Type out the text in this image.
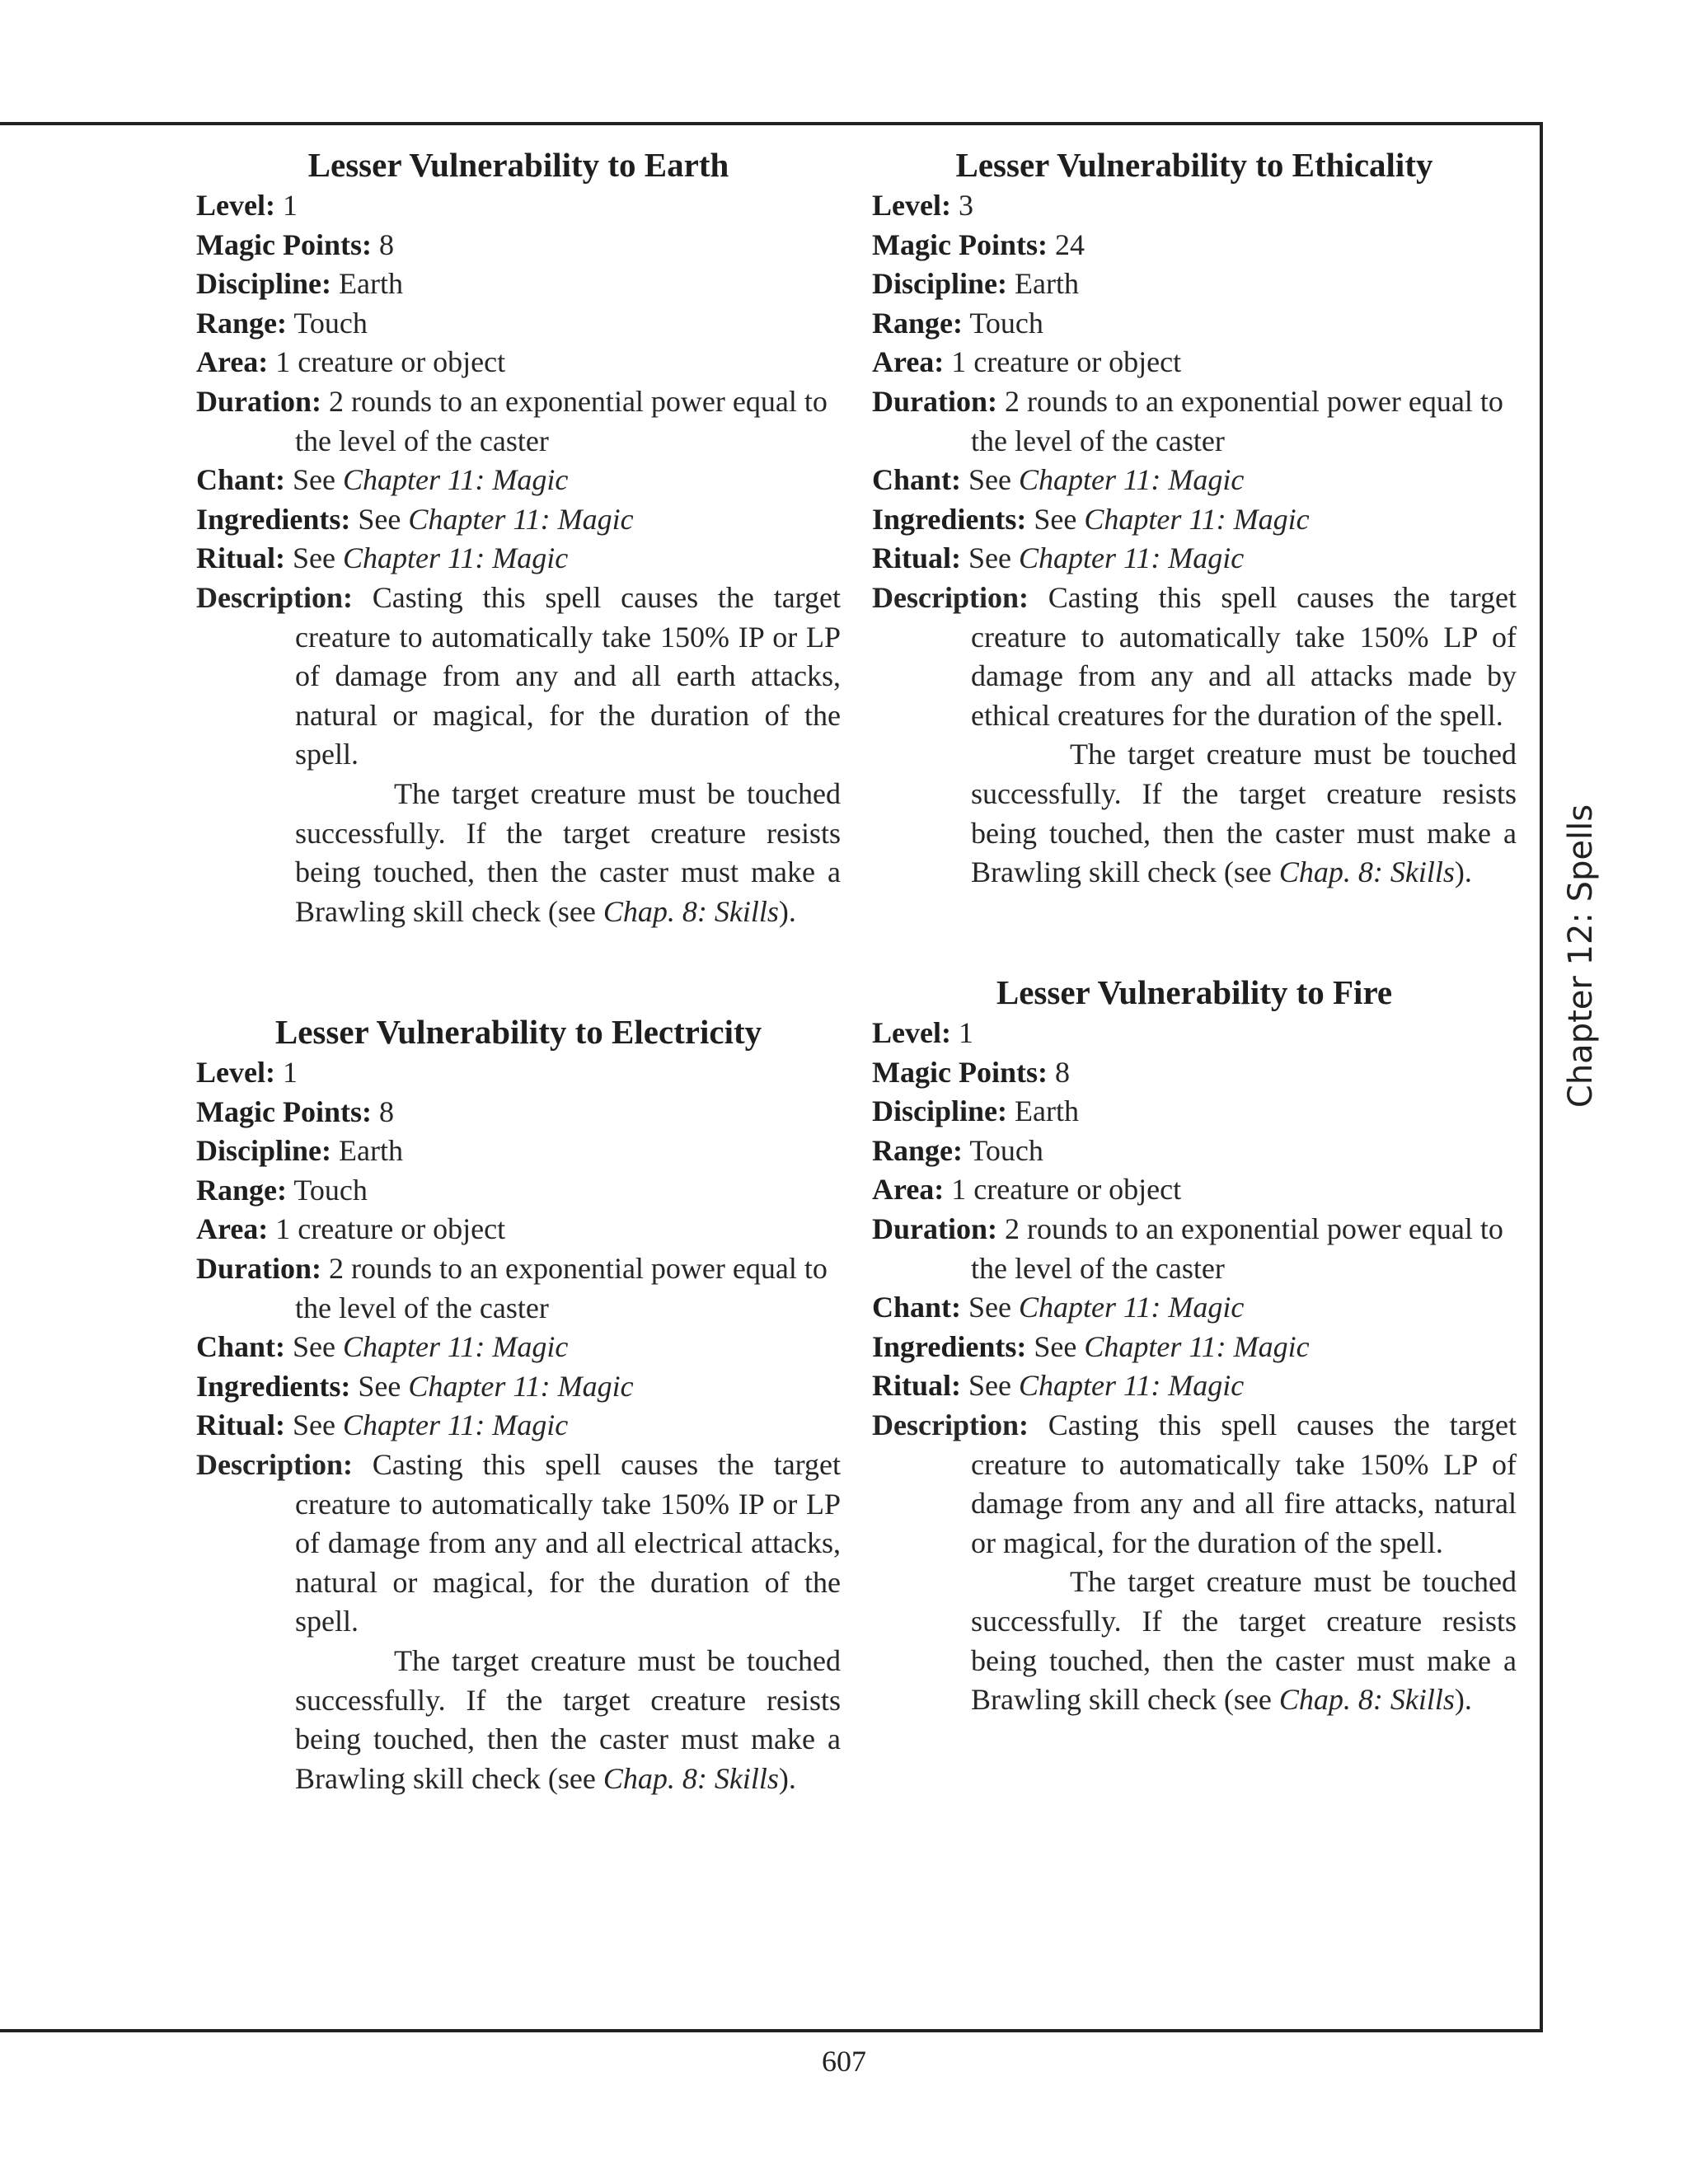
Lesser Vulnerability to Earth

Level: 1

Magic Points: 8

Discipline: Earth

Range: Touch

Area: 1 creature or object

Duration: 2 rounds to an exponential power equal to the level of the caster

Chant: See Chapter 11: Magic

Ingredients: See Chapter 11: Magic

Ritual: See Chapter 11: Magic

Description: Casting this spell causes the target creature to automatically take 150% IP or LP of damage from any and all earth attacks, natural or magical, for the duration of the spell.

The target creature must be touched successfully. If the target creature resists being touched, then the caster must make a Brawling skill check (see Chap. 8: Skills).

Lesser Vulnerability to Ethicality

Level: 3

Magic Points: 24

Discipline: Earth

Range: Touch

Area: 1 creature or object

Duration: 2 rounds to an exponential power equal to the level of the caster

Chant: See Chapter 11: Magic

Ingredients: See Chapter 11: Magic

Ritual: See Chapter 11: Magic

Description: Casting this spell causes the target creature to automatically take 150% LP of damage from any and all attacks made by ethical creatures for the duration of the spell.

The target creature must be touched successfully. If the target creature resists being touched, then the caster must make a Brawling skill check (see Chap. 8: Skills).

Lesser Vulnerability to Electricity

Level: 1

Magic Points: 8

Discipline: Earth

Range: Touch

Area: 1 creature or object

Duration: 2 rounds to an exponential power equal to the level of the caster

Chant: See Chapter 11: Magic

Ingredients: See Chapter 11: Magic

Ritual: See Chapter 11: Magic

Description: Casting this spell causes the target creature to automatically take 150% IP or LP of damage from any and all electrical attacks, natural or magical, for the duration of the spell.

The target creature must be touched successfully. If the target creature resists being touched, then the caster must make a Brawling skill check (see Chap. 8: Skills).

Lesser Vulnerability to Fire

Level: 1

Magic Points: 8

Discipline: Earth

Range: Touch

Area: 1 creature or object

Duration: 2 rounds to an exponential power equal to the level of the caster

Chant: See Chapter 11: Magic

Ingredients: See Chapter 11: Magic

Ritual: See Chapter 11: Magic

Description: Casting this spell causes the target creature to automatically take 150% LP of damage from any and all fire attacks, natural or magical, for the duration of the spell.

The target creature must be touched successfully. If the target creature resists being touched, then the caster must make a Brawling skill check (see Chap. 8: Skills).

Chapter 12: Spells
607
